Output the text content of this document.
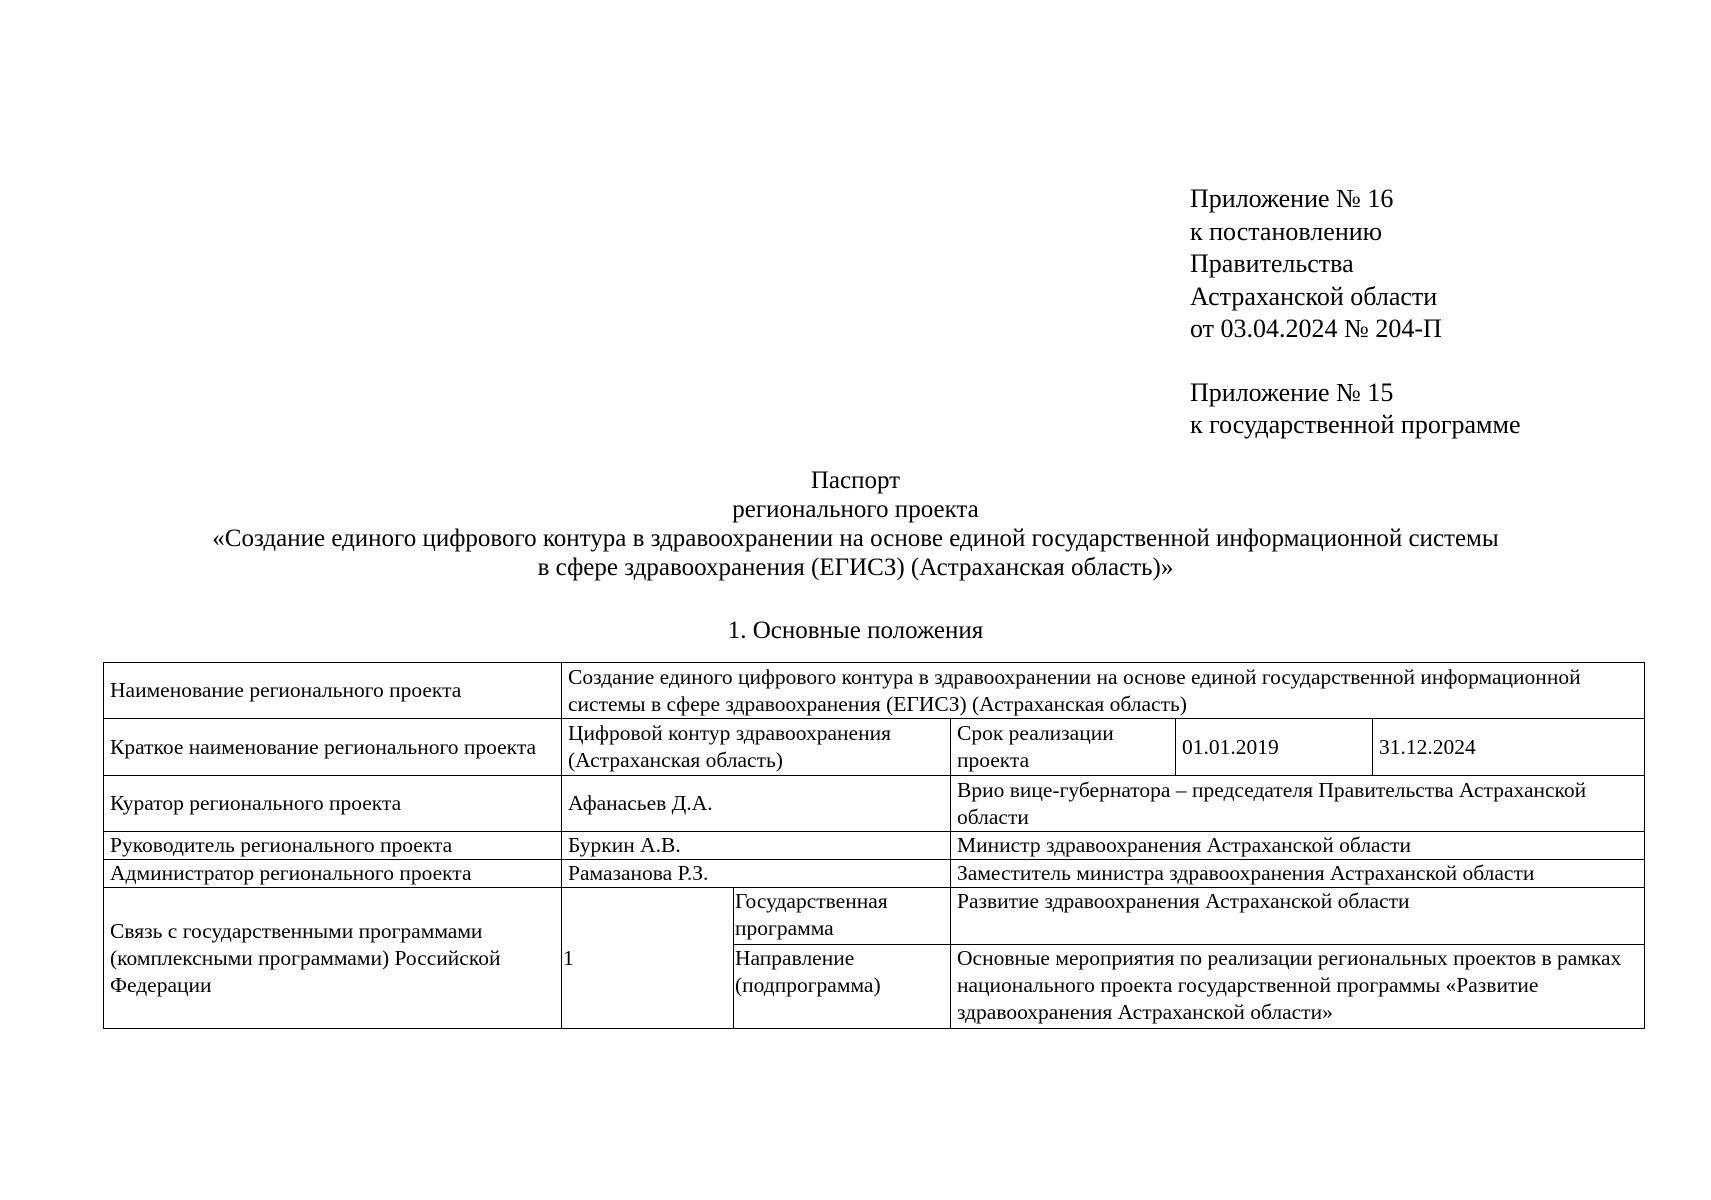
Приложение № 16
к постановлению
Правительства
Астраханской области
от 03.04.2024 № 204-П
Приложение № 15
к государственной программе
Паспорт
регионального проекта
«Создание единого цифрового контура в здравоохранении на основе единой государственной информационной системы
в сфере здравоохранения (ЕГИСЗ) (Астраханская область)»
1. Основные положения
Наименование регионального проекта	Создание единого цифрового контура в здравоохранении на основе единой государственной информационной системы в сфере здравоохранения (ЕГИСЗ) (Астраханская область)				
Краткое наименование регионального проекта	Цифровой контур здравоохранения (Астраханская область)		Срок реализации проекта	01.01.2019	31.12.2024
Куратор регионального проекта	Афанасьев Д.А.		Врио вице-губернатора – председателя Правительства Астраханской области		
Руководитель регионального проекта	Буркин А.В.		Министр здравоохранения Астраханской области		
Администратор регионального проекта	Рамазанова Р.З.		Заместитель министра здравоохранения Астраханской области		
Связь с государственными программами (комплексными программами) Российской Федерации	1	Государственная программа	Развитие здравоохранения Астраханской области		
		Направление (подпрограмма)	Основные мероприятия по реализации региональных проектов в рамках национального проекта государственной программы «Развитие здравоохранения Астраханской области»		
